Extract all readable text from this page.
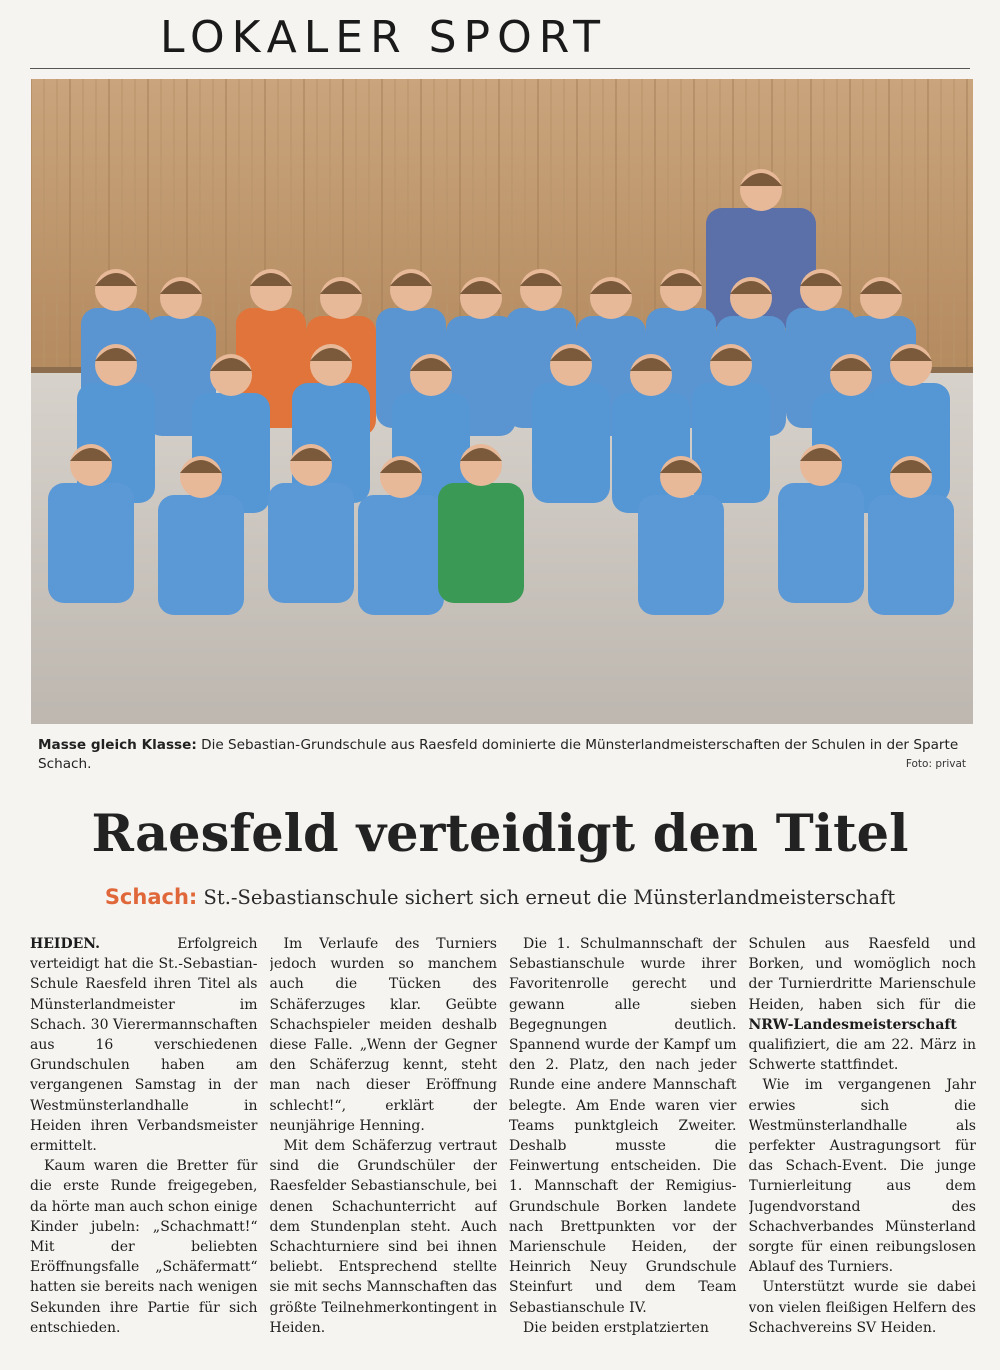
LOKALER SPORT
Masse gleich Klasse: Die Sebastian-Grundschule aus Raesfeld dominierte die Münsterlandmeisterschaften der Schulen in der Sparte Schach.	Foto: privat
Raesfeld verteidigt den Titel
Schach: St.-Sebastianschule sichert sich erneut die Münsterlandmeisterschaft

HEIDEN. Erfolgreich verteidigt hat die St.-Sebastian-Schule Raesfeld ihren Titel als Münsterlandmeister im Schach. 30 Vierermannschaften aus 16 verschiedenen Grundschulen haben am vergangenen Samstag in der Westmünsterlandhalle in Heiden ihren Verbandsmeister ermittelt.

Kaum waren die Bretter für die erste Runde freigegeben, da hörte man auch schon einige Kinder jubeln: „Schachmatt!“ Mit der beliebten Eröffnungsfalle „Schäfermatt“ hatten sie bereits nach wenigen Sekunden ihre Partie für sich entschieden.

Im Verlaufe des Turniers jedoch wurden so manchem auch die Tücken des Schäferzuges klar. Geübte Schachspieler meiden deshalb diese Falle. „Wenn der Gegner den Schäferzug kennt, steht man nach dieser Eröffnung schlecht!“, erklärt der neunjährige Henning.

Mit dem Schäferzug vertraut sind die Grundschüler der Raesfelder Sebastianschule, bei denen Schachunterricht auf dem Stundenplan steht. Auch Schachturniere sind bei ihnen beliebt. Entsprechend stellte sie mit sechs Mannschaften das größte Teilnehmerkontingent in Heiden.

Die 1. Schulmannschaft der Sebastianschule wurde ihrer Favoritenrolle gerecht und gewann alle sieben Begegnungen deutlich. Spannend wurde der Kampf um den 2. Platz, den nach jeder Runde eine andere Mannschaft belegte. Am Ende waren vier Teams punktgleich Zweiter. Deshalb musste die Feinwertung entscheiden. Die 1. Mannschaft der Remigius-Grundschule Borken landete nach Brettpunkten vor der Marienschule Heiden, der Heinrich Neuy Grundschule Steinfurt und dem Team Sebastianschule IV.

Die beiden erstplatzierten

Schulen aus Raesfeld und Borken, und womöglich noch der Turnierdritte Marienschule Heiden, haben sich für die NRW-Landesmeisterschaft qualifiziert, die am 22. März in Schwerte stattfindet.

Wie im vergangenen Jahr erwies sich die Westmünsterlandhalle als perfekter Austragungsort für das Schach-Event. Die junge Turnierleitung aus dem Jugendvorstand des Schachverbandes Münsterland sorgte für einen reibungslosen Ablauf des Turniers.

Unterstützt wurde sie dabei von vielen fleißigen Helfern des Schachvereins SV Heiden.
